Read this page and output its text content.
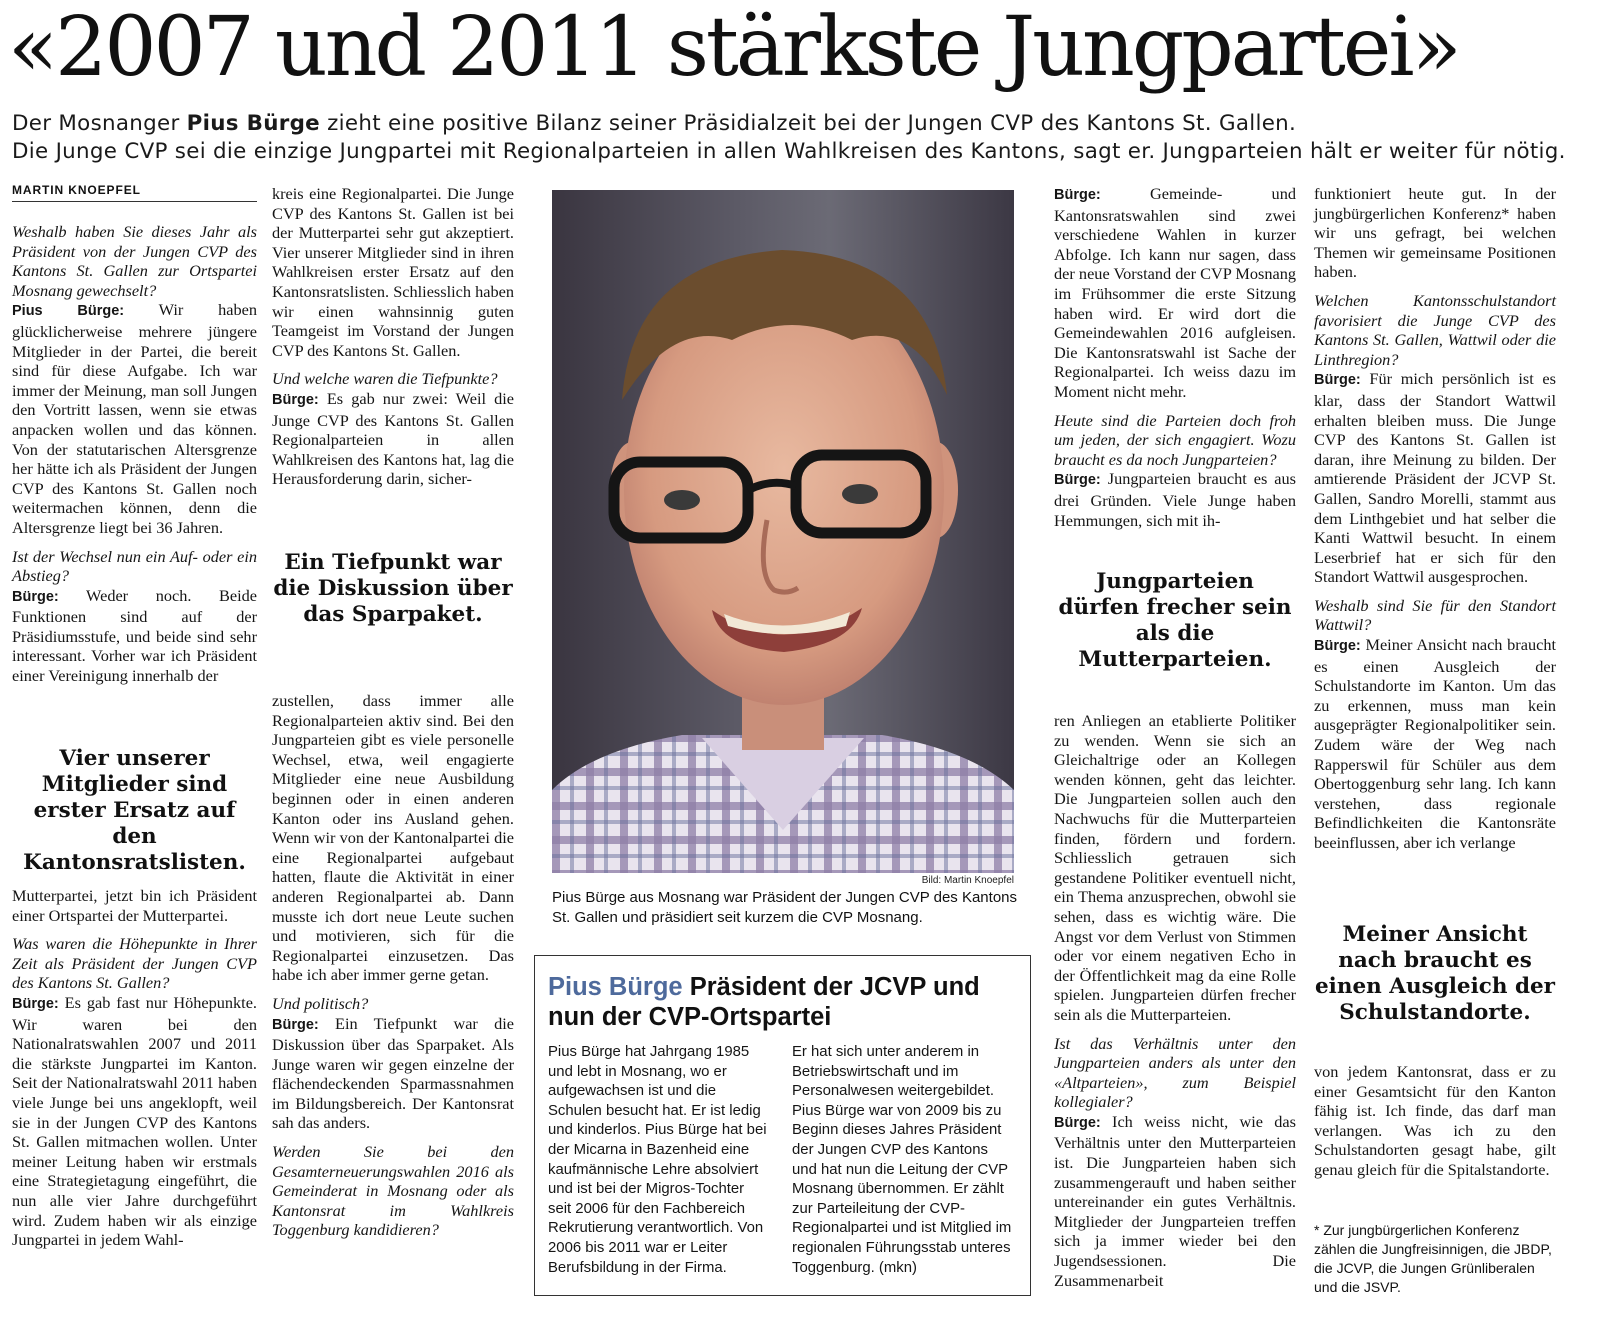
«2007 und 2011 stärkste Jungpartei»

Der Mosnanger Pius Bürge zieht eine positive Bilanz seiner Präsidialzeit bei der Jungen CVP des Kantons St. Gallen.
Die Junge CVP sei die einzige Jungpartei mit Regionalparteien in allen Wahlkreisen des Kantons, sagt er. Jungparteien hält er weiter für nötig.

MARTIN KNOEPFEL

Weshalb haben Sie dieses Jahr als Präsident von der Jungen CVP des Kantons St. Gallen zur Ortspartei Mosnang gewechselt?

Pius Bürge: Wir haben glücklicherweise mehrere jüngere Mitglieder in der Partei, die bereit sind für diese Aufgabe. Ich war immer der Meinung, man soll Jungen den Vortritt lassen, wenn sie etwas anpacken wollen und das können. Von der statutarischen Altersgrenze her hätte ich als Präsident der Jungen CVP des Kantons St. Gallen noch weitermachen können, denn die Altersgrenze liegt bei 36 Jahren.

Ist der Wechsel nun ein Auf- oder ein Abstieg?

Bürge: Weder noch. Beide Funktionen sind auf der Präsidiumsstufe, und beide sind sehr interessant. Vorher war ich Präsident einer Vereinigung innerhalb der

Vier unserer Mitglieder sind erster Ersatz auf den Kantonsratslisten.

Mutterpartei, jetzt bin ich Präsident einer Ortspartei der Mutterpartei.

Was waren die Höhepunkte in Ihrer Zeit als Präsident der Jungen CVP des Kantons St. Gallen?

Bürge: Es gab fast nur Höhepunkte. Wir waren bei den Nationalratswahlen 2007 und 2011 die stärkste Jungpartei im Kanton. Seit der Nationalratswahl 2011 haben viele Junge bei uns angeklopft, weil sie in der Jungen CVP des Kantons St. Gallen mitmachen wollen. Unter meiner Leitung haben wir erstmals eine Strategietagung eingeführt, die nun alle vier Jahre durchgeführt wird. Zudem haben wir als einzige Jungpartei in jedem Wahl-

kreis eine Regionalpartei. Die Junge CVP des Kantons St. Gallen ist bei der Mutterpartei sehr gut akzeptiert. Vier unserer Mitglieder sind in ihren Wahlkreisen erster Ersatz auf den Kantonsratslisten. Schliesslich haben wir einen wahnsinnig guten Teamgeist im Vorstand der Jungen CVP des Kantons St. Gallen.

Und welche waren die Tiefpunkte?

Bürge: Es gab nur zwei: Weil die Junge CVP des Kantons St. Gallen Regionalparteien in allen Wahlkreisen des Kantons hat, lag die Herausforderung darin, sicher-

Ein Tiefpunkt war die Diskussion über das Sparpaket.

zustellen, dass immer alle Regionalparteien aktiv sind. Bei den Jungparteien gibt es viele personelle Wechsel, etwa, weil engagierte Mitglieder eine neue Ausbildung beginnen oder in einen anderen Kanton oder ins Ausland gehen. Wenn wir von der Kantonalpartei die eine Regionalpartei aufgebaut hatten, flaute die Aktivität in einer anderen Regionalpartei ab. Dann musste ich dort neue Leute suchen und motivieren, sich für die Regionalpartei einzusetzen. Das habe ich aber immer gerne getan.

Und politisch?

Bürge: Ein Tiefpunkt war die Diskussion über das Sparpaket. Als Junge waren wir gegen einzelne der flächendeckenden Sparmassnahmen im Bildungsbereich. Der Kantonsrat sah das anders.

Werden Sie bei den Gesamterneuerungswahlen 2016 als Gemeinderat in Mosnang oder als Kantonsrat im Wahlkreis Toggenburg kandidieren?

Bild: Martin Knoepfel

Pius Bürge aus Mosnang war Präsident der Jungen CVP des Kantons St. Gallen und präsidiert seit kurzem die CVP Mosnang.

Pius Bürge Präsident der JCVP und nun der CVP-Ortspartei

Pius Bürge hat Jahrgang 1985 und lebt in Mosnang, wo er aufgewachsen ist und die Schulen besucht hat. Er ist ledig und kinderlos. Pius Bürge hat bei der Micarna in Bazenheid eine kaufmännische Lehre absolviert und ist bei der Migros-Tochter seit 2006 für den Fachbereich Rekrutierung verantwortlich. Von 2006 bis 2011 war er Leiter Berufsbildung in der Firma.

Er hat sich unter anderem in Betriebswirtschaft und im Personalwesen weitergebildet. Pius Bürge war von 2009 bis zu Beginn dieses Jahres Präsident der Jungen CVP des Kantons und hat nun die Leitung der CVP Mosnang übernommen. Er zählt zur Parteileitung der CVP-Regionalpartei und ist Mitglied im regionalen Führungsstab unteres Toggenburg. (mkn)

Bürge:	Gemeinde- und Kantonsratswahlen sind zwei verschiedene Wahlen in kurzer Abfolge. Ich kann nur sagen, dass der neue Vorstand der CVP Mosnang im Frühsommer die erste Sitzung haben wird. Er wird dort die Gemeindewahlen 2016 aufgleisen. Die Kantonsratswahl ist Sache der Regionalpartei. Ich weiss dazu im Moment nicht mehr.

Heute sind die Parteien doch froh um jeden, der sich engagiert. Wozu braucht es da noch Jungparteien?

Bürge: Jungparteien braucht es aus drei Gründen. Viele Junge haben Hemmungen, sich mit ih-

Jungparteien dürfen frecher sein als die Mutterparteien.

ren Anliegen an etablierte Politiker zu wenden. Wenn sie sich an Gleichaltrige oder an Kollegen wenden können, geht das leichter. Die Jungparteien sollen auch den Nachwuchs für die Mutterparteien finden, fördern und fordern. Schliesslich getrauen sich gestandene Politiker eventuell nicht, ein Thema anzusprechen, obwohl sie sehen, dass es wichtig wäre. Die Angst vor dem Verlust von Stimmen oder vor einem negativen Echo in der Öffentlichkeit mag da eine Rolle spielen. Jungparteien dürfen frecher sein als die Mutterparteien.

Ist das Verhältnis unter den Jungparteien anders als unter den «Altparteien», zum Beispiel kollegialer?

Bürge: Ich weiss nicht, wie das Verhältnis unter den Mutterparteien ist. Die Jungparteien haben sich zusammengerauft und haben seither untereinander ein gutes Verhältnis. Mitglieder der Jungparteien treffen sich ja immer wieder bei den Jugendsessionen. Die Zusammenarbeit

funktioniert heute gut. In der jungbürgerlichen Konferenz* haben wir uns gefragt, bei welchen Themen wir gemeinsame Positionen haben.

Welchen Kantonsschulstandort favorisiert die Junge CVP des Kantons St. Gallen, Wattwil oder die Linthregion?

Bürge: Für mich persönlich ist es klar, dass der Standort Wattwil erhalten bleiben muss. Die Junge CVP des Kantons St. Gallen ist daran, ihre Meinung zu bilden. Der amtierende Präsident der JCVP St. Gallen, Sandro Morelli, stammt aus dem Linthgebiet und hat selber die Kanti Wattwil besucht. In einem Leserbrief hat er sich für den Standort Wattwil ausgesprochen.

Weshalb sind Sie für den Standort Wattwil?

Bürge: Meiner Ansicht nach braucht es einen Ausgleich der Schulstandorte im Kanton. Um das zu erkennen, muss man kein ausgeprägter Regionalpolitiker sein. Zudem wäre der Weg nach Rapperswil für Schüler aus dem Obertoggenburg sehr lang. Ich kann verstehen, dass regionale Befindlichkeiten die Kantonsräte beeinflussen, aber ich verlange

Meiner Ansicht nach braucht es einen Ausgleich der Schulstandorte.

von jedem Kantonsrat, dass er zu einer Gesamtsicht für den Kanton fähig ist. Ich finde, das darf man verlangen. Was ich zu den Schulstandorten gesagt habe, gilt genau gleich für die Spitalstandorte.

* Zur jungbürgerlichen Konferenz zählen die Jungfreisinnigen, die JBDP, die JCVP, die Jungen Grünliberalen und die JSVP.
